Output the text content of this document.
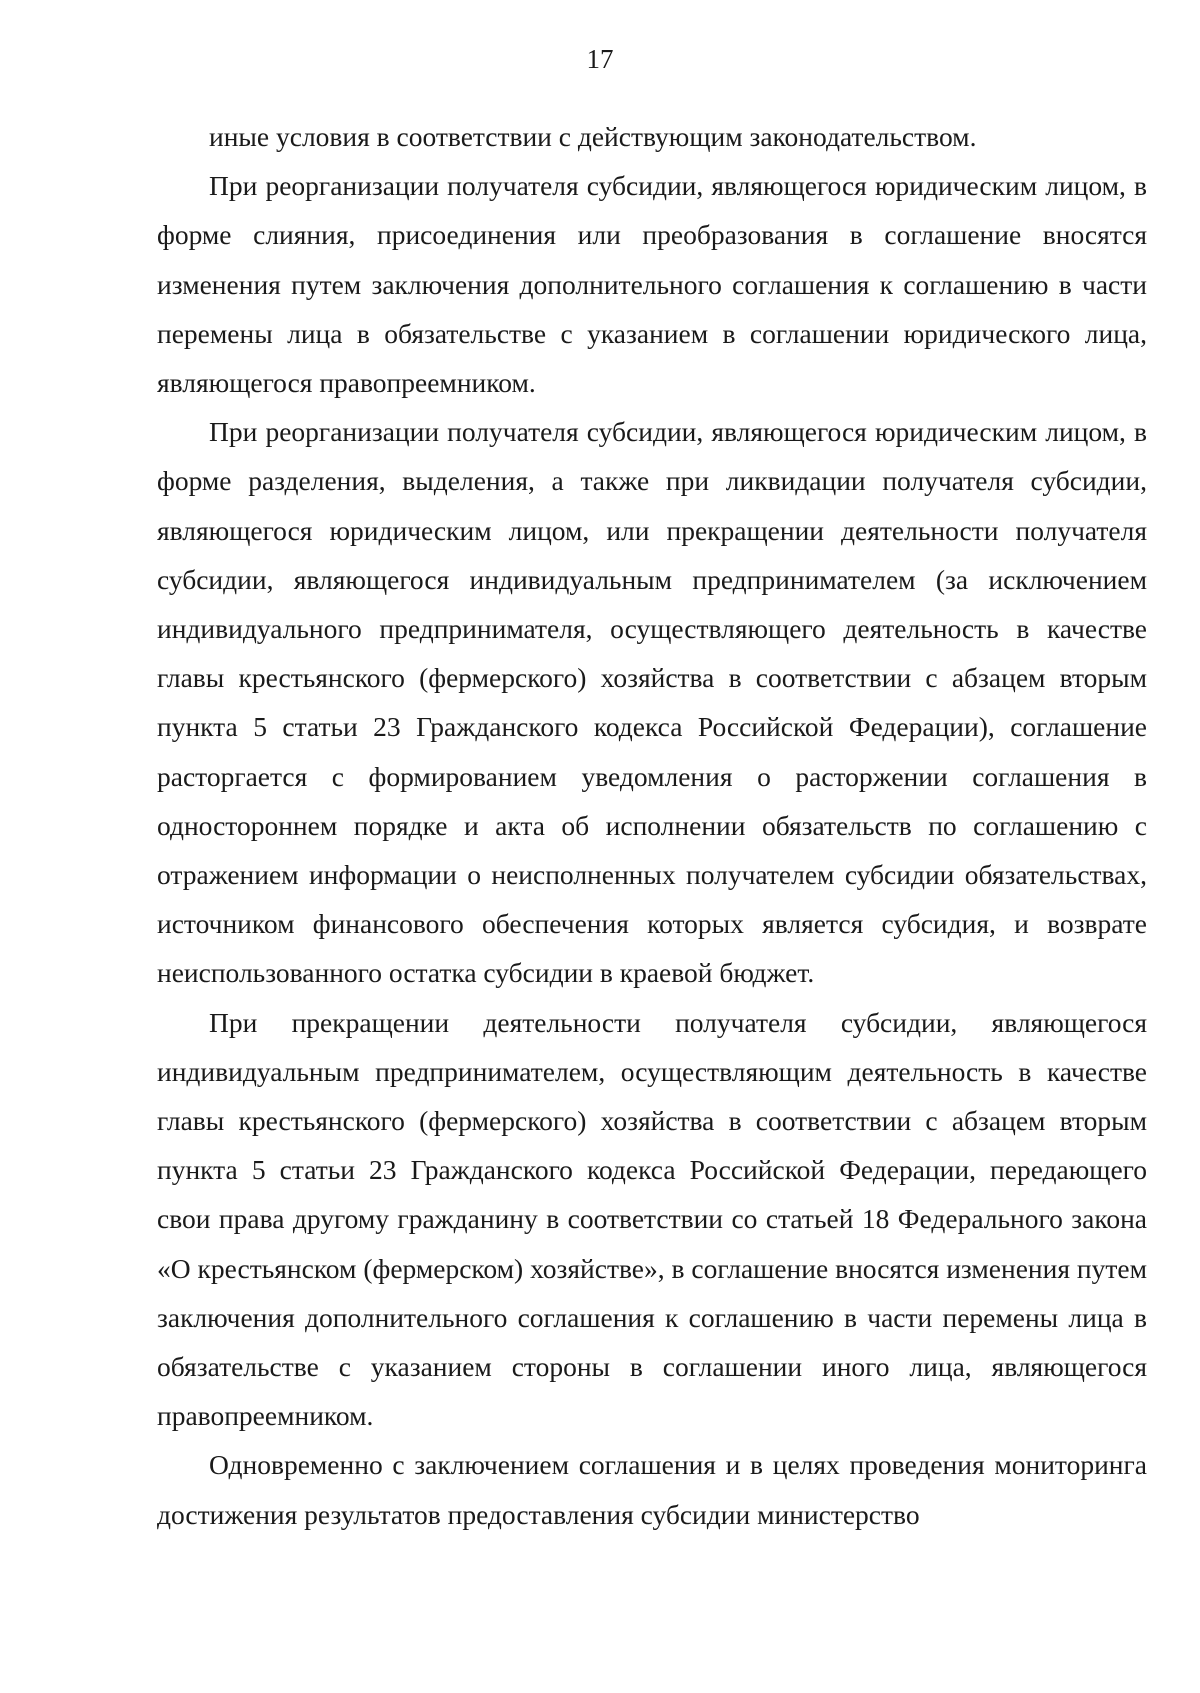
17

иные условия в соответствии с действующим законодательством.

При реорганизации получателя субсидии, являющегося юридическим лицом, в форме слияния, присоединения или преобразования в соглашение вносятся изменения путем заключения дополнительного соглашения к соглашению в части перемены лица в обязательстве с указанием в соглашении юридического лица, являющегося правопреемником.

При реорганизации получателя субсидии, являющегося юридическим лицом, в форме разделения, выделения, а также при ликвидации получателя субсидии, являющегося юридическим лицом, или прекращении деятельности получателя субсидии, являющегося индивидуальным предпринимателем (за исключением индивидуального предпринимателя, осуществляющего деятельность в качестве главы крестьянского (фермерского) хозяйства в соответствии с абзацем вторым пункта 5 статьи 23 Гражданского кодекса Российской Федерации), соглашение расторгается с формированием уведомления о расторжении соглашения в одностороннем порядке и акта об исполнении обязательств по соглашению с отражением информации о неисполненных получателем субсидии обязательствах, источником финансового обеспечения которых является субсидия, и возврате неиспользованного остатка субсидии в краевой бюджет.

При прекращении деятельности получателя субсидии, являющегося индивидуальным предпринимателем, осуществляющим деятельность в качестве главы крестьянского (фермерского) хозяйства в соответствии с абзацем вторым пункта 5 статьи 23 Гражданского кодекса Российской Федерации, передающего свои права другому гражданину в соответствии со статьей 18 Федерального закона «О крестьянском (фермерском) хозяйстве», в соглашение вносятся изменения путем заключения дополнительного соглашения к соглашению в части перемены лица в обязательстве с указанием стороны в соглашении иного лица, являющегося правопреемником.

Одновременно с заключением соглашения и в целях проведения мониторинга достижения результатов предоставления субсидии министерство
